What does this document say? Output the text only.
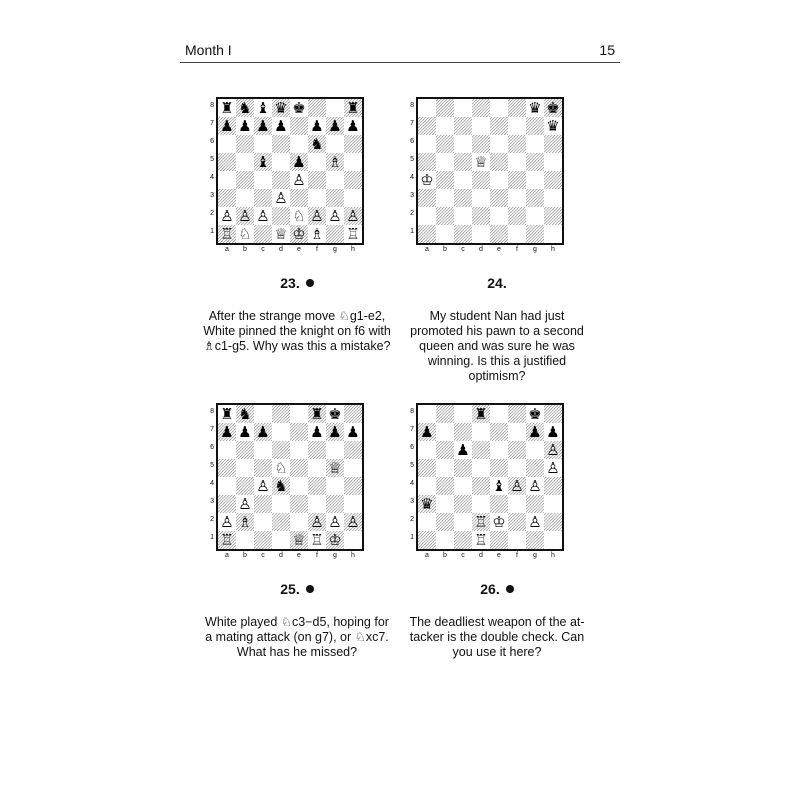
Month I	15
8
7
6
5
4
3
2
1
♜ ♞ ♝ ♛ ♚	♜
♟ ♟ ♟ ♟ ♟ ♟ ♟
♞
♝ ♟ ♗
♙
♙
♙ ♙ ♙ ♘ ♙ ♙ ♙
♖ ♘ ♕ ♔ ♗ ♖
a	b	c	d	e	f	g	h
23.
After the strange move ♘g1-e2, White pinned the knight on f6 with ♗c1-g5. Why was this a mistake?
8
7
6
5
4
3
2
1
♛ ♚
♛
♕
♔
a	b	c	d	e	f	g	h
24.
My student Nan had just promoted his pawn to a second queen and was sure he was winning. Is this a justified optimism?
8
7
6
5
4
3
2
1
♜ ♞	♜ ♚
♟ ♟ ♟	♟ ♟ ♟
♘	♕
♙ ♞
♙
♙ ♗	♙ ♙ ♙
♖	♕ ♖ ♔
a	b	c	d	e	f	g	h
25.
White played ♘c3−d5, hoping for a mating attack (on g7), or ♘xc7. What has he missed?
8
7
6
5
4
3
2
1
♜	♚
♟	♟ ♟
♟	♙
♙
♝ ♙ ♙
♛
♖ ♔ ♙
♖
a	b	c	d	e	f	g	h
26.
The deadliest weapon of the at-tacker is the double check. Can you use it here?
